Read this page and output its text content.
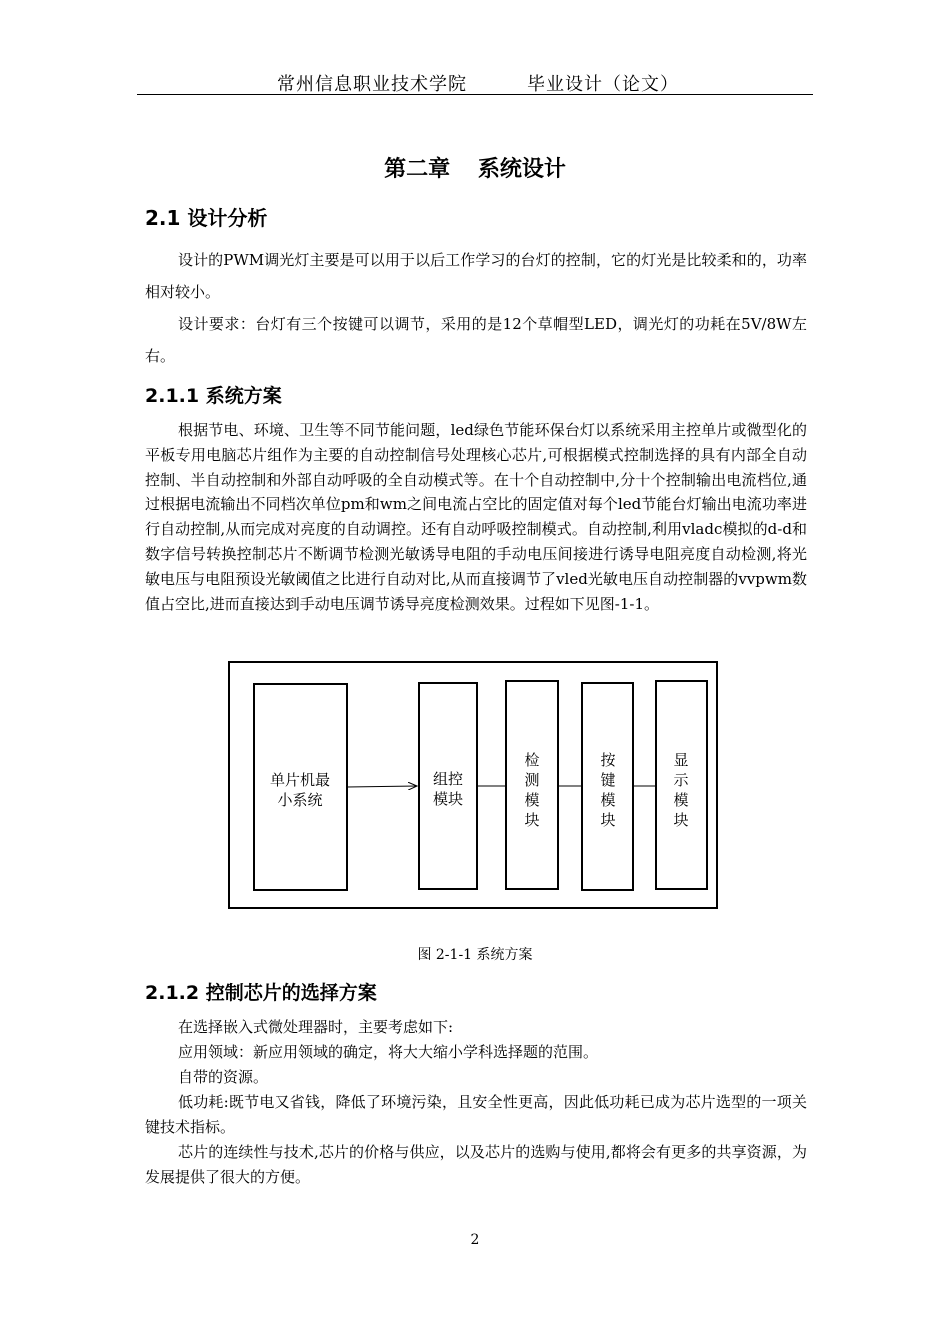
常州信息职业技术学院	毕业设计（论文）
第二章 系统设计
2.1 设计分析

设计的PWM调光灯主要是可以用于以后工作学习的台灯的控制，它的灯光是比较柔和的，功率相对较小。

设计要求：台灯有三个按键可以调节，采用的是12个草帽型LED，调光灯的功耗在5V/8W左右。

2.1.1 系统方案

根据节电、环境、卫生等不同节能问题，led绿色节能环保台灯以系统采用主控单片或微型化的平板专用电脑芯片组作为主要的自动控制信号处理核心芯片,可根据模式控制选择的具有内部全自动控制、半自动控制和外部自动呼吸的全自动模式等。在十个自动控制中,分十个控制输出电流档位,通过根据电流输出不同档次单位pm和wm之间电流占空比的固定值对每个led节能台灯输出电流功率进行自动控制,从而完成对亮度的自动调控。还有自动呼吸控制模式。自动控制,利用vladc模拟的d-d和数字信号转换控制芯片不断调节检测光敏诱导电阻的手动电压间接进行诱导电阻亮度自动检测,将光敏电压与电阻预设光敏阈值之比进行自动对比,从而直接调节了vled光敏电压自动控制器的vvpwm数值占空比,进而直接达到手动电压调节诱导亮度检测效果。过程如下见图-1-1。

单片机最
小系统
组控
模块
检
测
模
块
按
键
模
块
显
示
模
块
图 2-1-1 系统方案
2.1.2 控制芯片的选择方案

在选择嵌入式微处理器时，主要考虑如下:

应用领域：新应用领域的确定，将大大缩小学科选择题的范围。

自带的资源。

低功耗:既节电又省钱，降低了环境污染，且安全性更高，因此低功耗已成为芯片选型的一项关键技术指标。

芯片的连续性与技术,芯片的价格与供应，以及芯片的选购与使用,都将会有更多的共享资源，为发展提供了很大的方便。

2
